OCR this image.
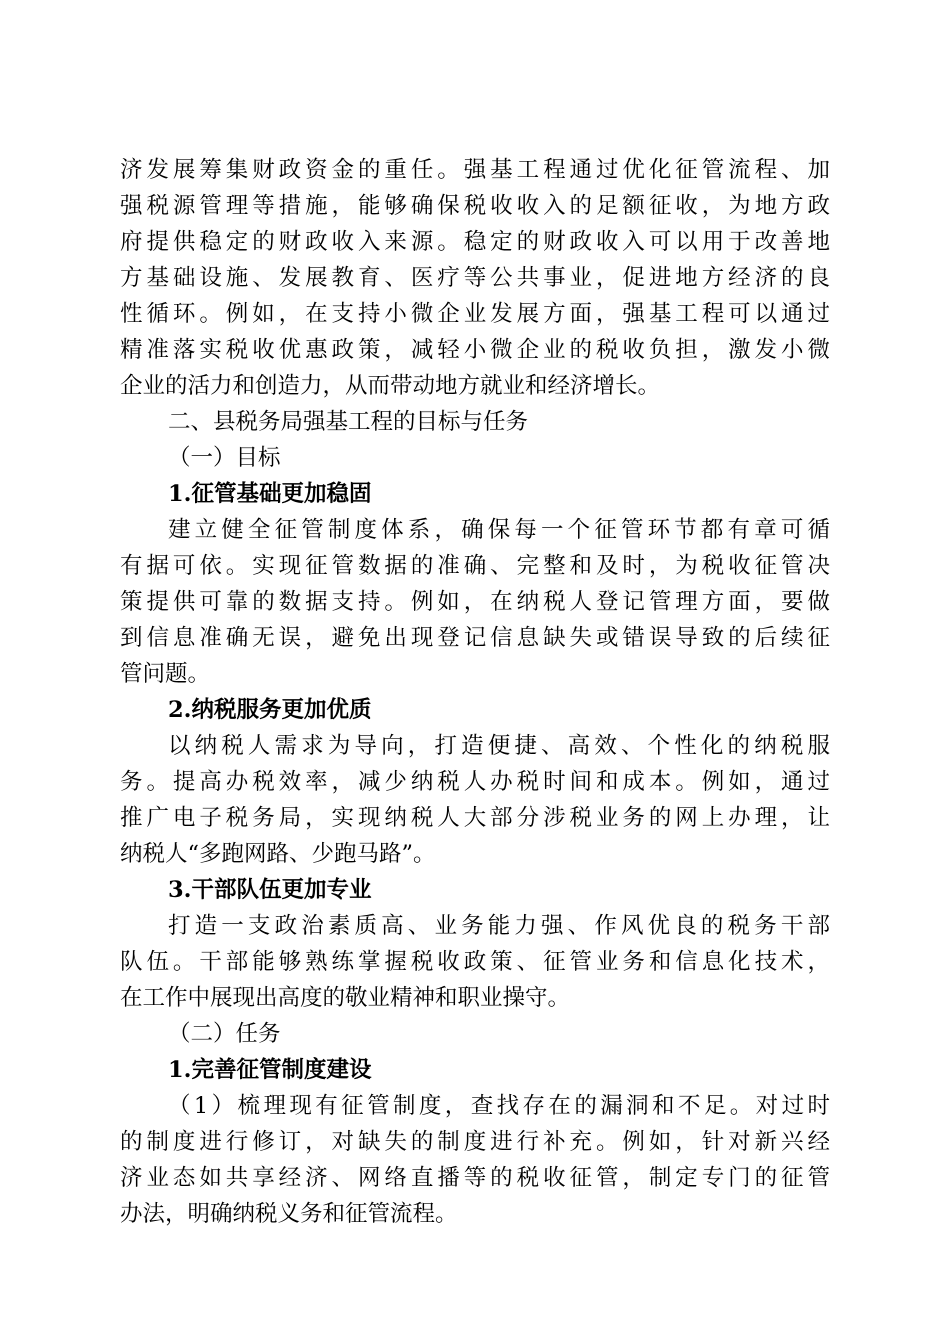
济发展筹集财政资金的重任。强基工程通过优化征管流程、加
强税源管理等措施，能够确保税收收入的足额征收，为地方政
府提供稳定的财政收入来源。稳定的财政收入可以用于改善地
方基础设施、发展教育、医疗等公共事业，促进地方经济的良
性循环。例如，在支持小微企业发展方面，强基工程可以通过
精准落实税收优惠政策，减轻小微企业的税收负担，激发小微
企业的活力和创造力，从而带动地方就业和经济增长。
二、县税务局强基工程的目标与任务
（一）目标
1.征管基础更加稳固
建立健全征管制度体系，确保每一个征管环节都有章可循
有据可依。实现征管数据的准确、完整和及时，为税收征管决
策提供可靠的数据支持。例如，在纳税人登记管理方面，要做
到信息准确无误，避免出现登记信息缺失或错误导致的后续征
管问题。
2.纳税服务更加优质
以纳税人需求为导向，打造便捷、高效、个性化的纳税服
务。提高办税效率，减少纳税人办税时间和成本。例如，通过
推广电子税务局，实现纳税人大部分涉税业务的网上办理，让
纳税人“多跑网路、少跑马路”。
3.干部队伍更加专业
打造一支政治素质高、业务能力强、作风优良的税务干部
队伍。干部能够熟练掌握税收政策、征管业务和信息化技术，
在工作中展现出高度的敬业精神和职业操守。
（二）任务
1.完善征管制度建设
（1）梳理现有征管制度，查找存在的漏洞和不足。对过时
的制度进行修订，对缺失的制度进行补充。例如，针对新兴经
济业态如共享经济、网络直播等的税收征管，制定专门的征管
办法，明确纳税义务和征管流程。
